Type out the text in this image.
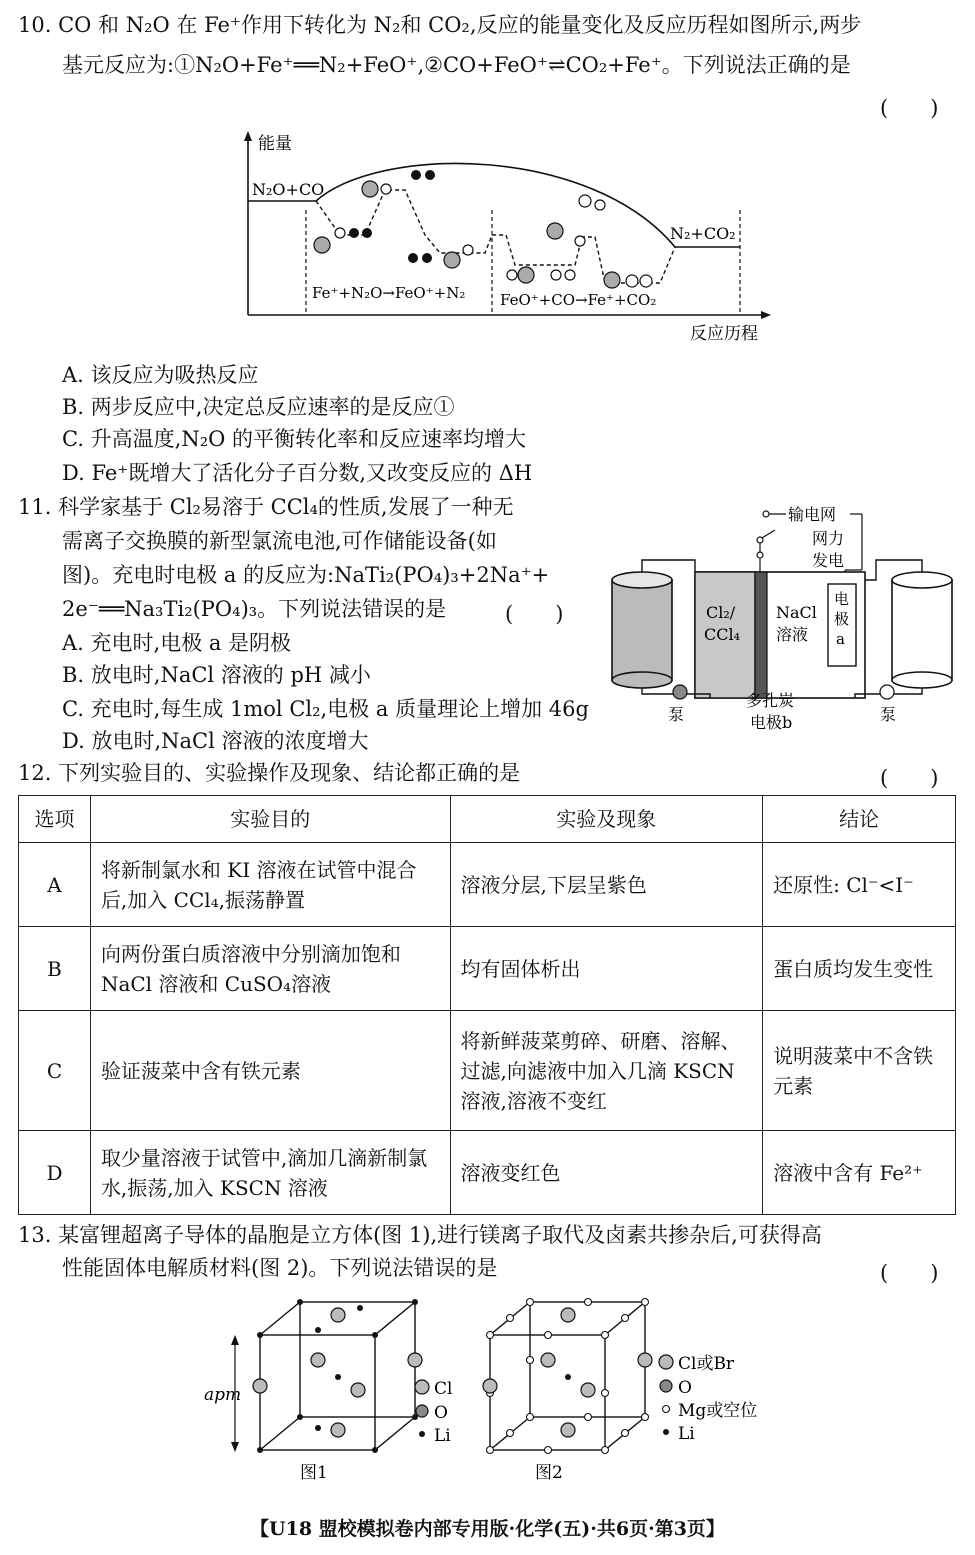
10. CO 和 N₂O 在 Fe⁺作用下转化为 N₂和 CO₂,反应的能量变化及反应历程如图所示,两步
基元反应为:①N₂O+Fe⁺══N₂+FeO⁺,②CO+FeO⁺⇌CO₂+Fe⁺。下列说法正确的是
(　　)
能量
反应历程
N₂O+CO
N₂+CO₂
Fe⁺+N₂O→FeO⁺+N₂ FeO⁺+CO→Fe⁺+CO₂
A. 该反应为吸热反应
B. 两步反应中,决定总反应速率的是反应①
C. 升高温度,N₂O 的平衡转化率和反应速率均增大
D. Fe⁺既增大了活化分子百分数,又改变反应的 ΔH
11. 科学家基于 Cl₂易溶于 CCl₄的性质,发展了一种无
需离子交换膜的新型氯流电池,可作储能设备(如
图)。充电时电极 a 的反应为:NaTi₂(PO₄)₃+2Na⁺+
2e⁻══Na₃Ti₂(PO₄)₃。下列说法错误的是	(　　)
A. 充电时,电极 a 是阴极
B. 放电时,NaCl 溶液的 pH 减小
C. 充电时,每生成 1mol Cl₂,电极 a 质量理论上增加 46g
D. 放电时,NaCl 溶液的浓度增大
输电网
网力
发电
Cl₂/
CCl₄
NaCl
溶液
电
极
a
泵	泵
多孔炭
电极b
12. 下列实验目的、实验操作及现象、结论都正确的是	(　　)
选项	实验目的	实验及现象	结论
A	将新制氯水和 KI 溶液在试管中混合后,加入 CCl₄,振荡静置	溶液分层,下层呈紫色	还原性: Cl⁻<I⁻
B	向两份蛋白质溶液中分别滴加饱和 NaCl 溶液和 CuSO₄溶液	均有固体析出	蛋白质均发生变性
C	验证菠菜中含有铁元素	将新鲜菠菜剪碎、研磨、溶解、过滤,向滤液中加入几滴 KSCN 溶液,溶液不变红	说明菠菜中不含铁元素
D	取少量溶液于试管中,滴加几滴新制氯水,振荡,加入 KSCN 溶液	溶液变红色	溶液中含有 Fe²⁺
13. 某富锂超离子导体的晶胞是立方体(图 1),进行镁离子取代及卤素共掺杂后,可获得高
性能固体电解质材料(图 2)。下列说法错误的是	(　　)
apm	Cl
O
Li
图1
Cl或Br
O
Mg或空位
Li
图2
【U18 盟校模拟卷内部专用版·化学(五)·共6页·第3页】
